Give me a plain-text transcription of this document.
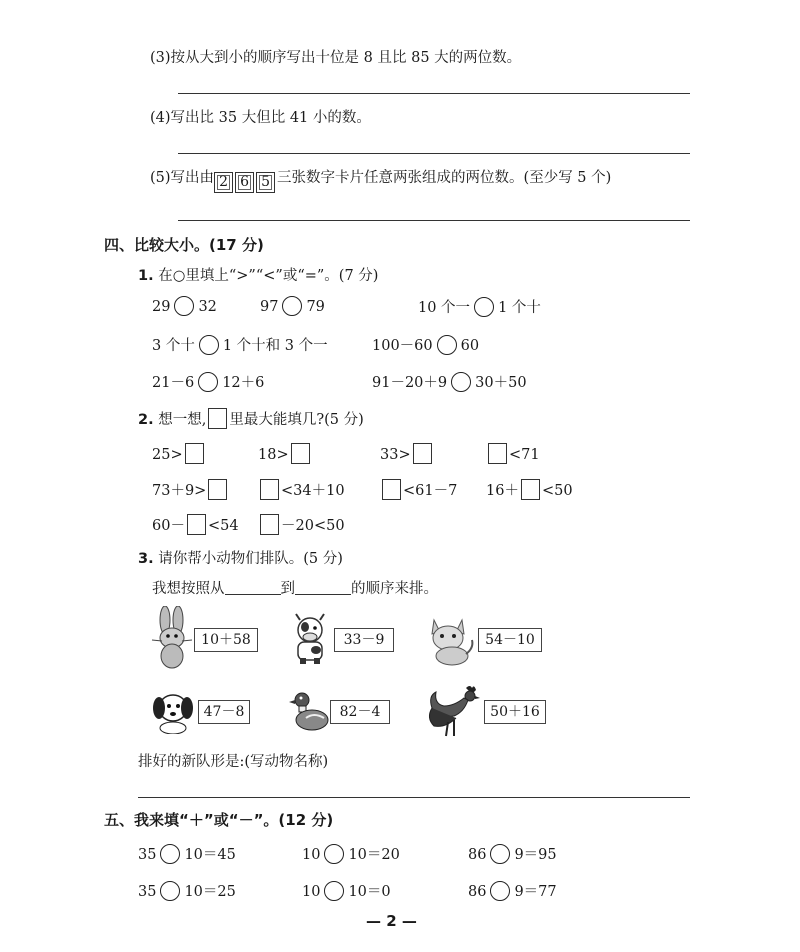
(3)按从大到小的顺序写出十位是 8 且比 85 大的两位数。
(4)写出比 35 大但比 41 小的数。
(5)写出由 2 6 5 三张数字卡片任意两张组成的两位数。(至少写 5 个)
四、比较大小。(17 分)
1. 在○里填上“>”“<”或“=”。(7 分)
29 32	97 79	10 个一 1 个十
3 个十 1 个十和 3 个一	100－60 60
21－6 12＋6	91－20＋9 30＋50
2. 想一想, 里最大能填几?(5 分)
25>	18>	33>	<71
73＋9>	<34＋10	<61－7 16＋ <50
60－ <54	－20<50
3. 请你帮小动物们排队。(5 分)
我想按照从	到	的顺序来排。
10＋58	33－9	54－10
47－8	82－4	50＋16
排好的新队形是:(写动物名称)
五、我来填“＋”或“－”。(12 分)
35 10＝45	10 10＝20	86 9＝95
35 10＝25	10 10＝0	86 9＝77
— 2 —
